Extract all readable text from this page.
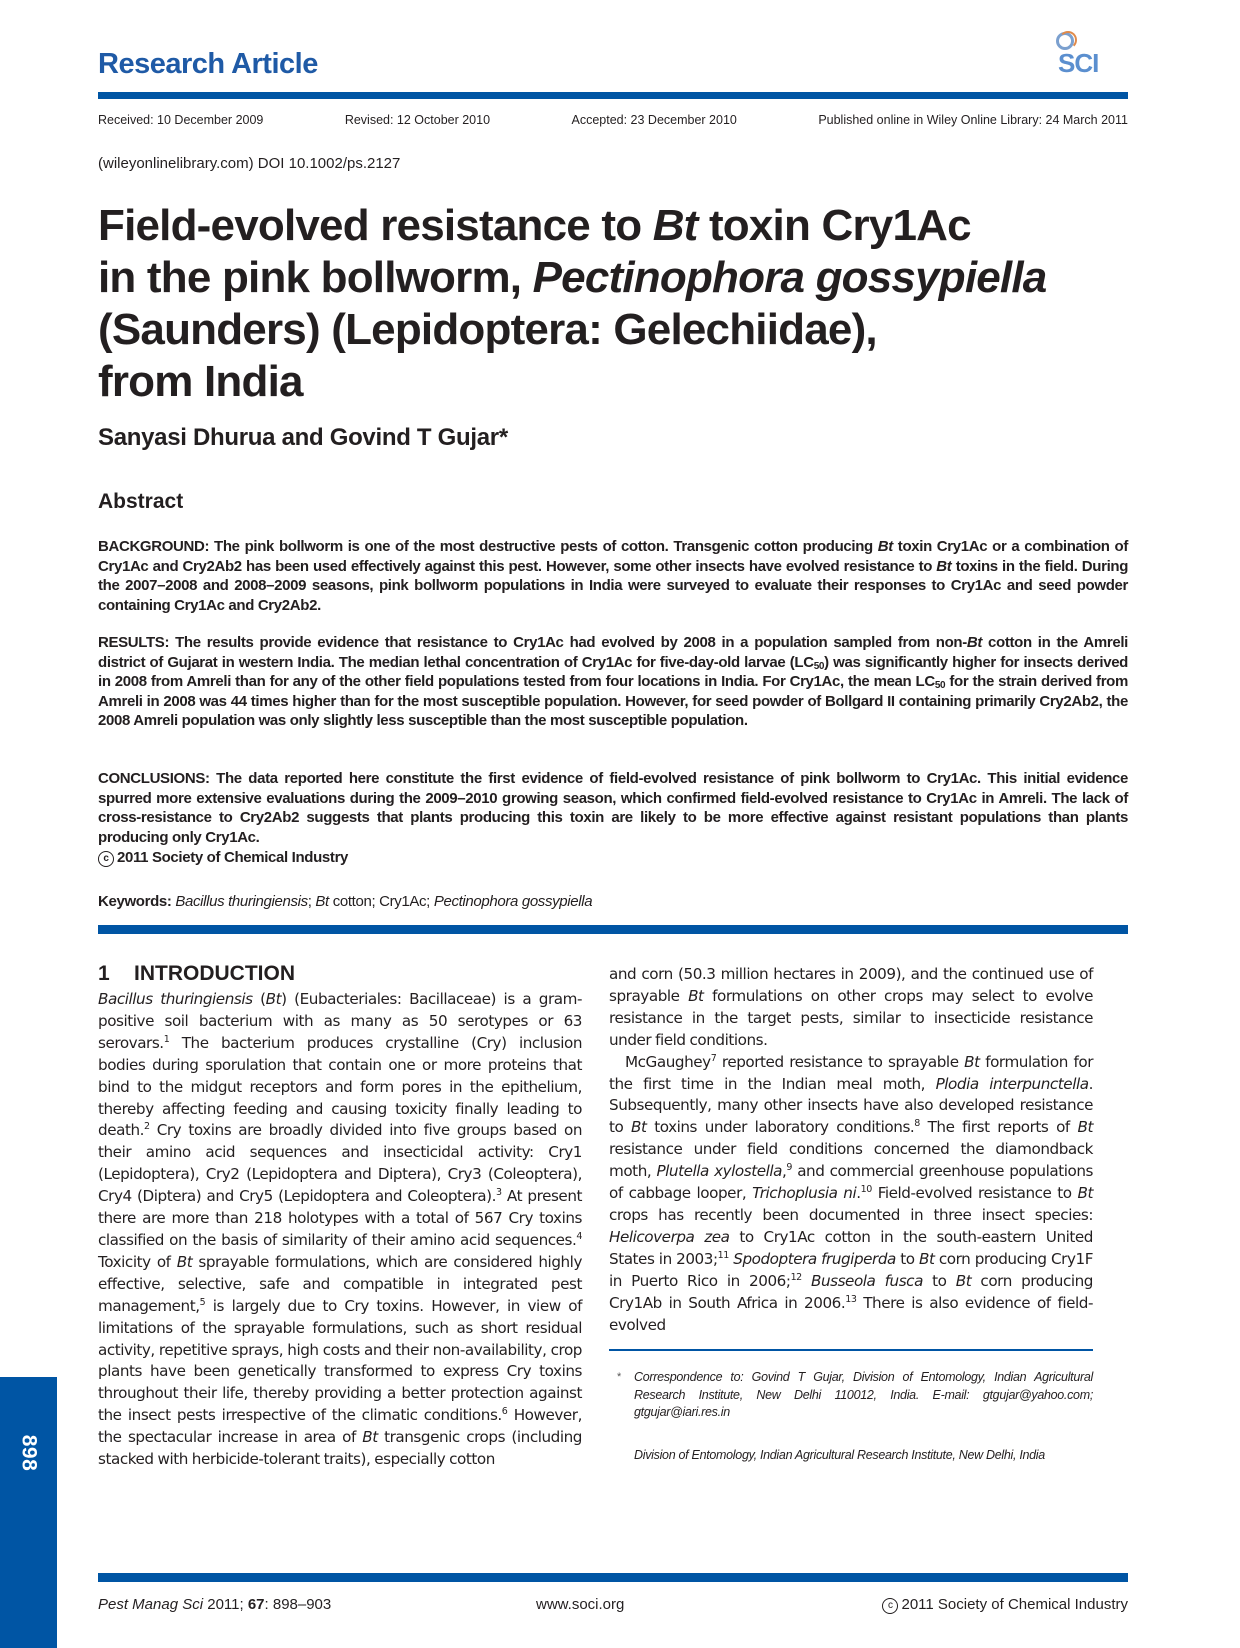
Research Article	SCI
Received: 10 December 2009	Revised: 12 October 2010	Accepted: 23 December 2010	Published online in Wiley Online Library: 24 March 2011
(wileyonlinelibrary.com) DOI 10.1002/ps.2127
Field-evolved resistance to Bt toxin Cry1Ac
in the pink bollworm, Pectinophora gossypiella
(Saunders) (Lepidoptera: Gelechiidae),
from India
Sanyasi Dhurua and Govind T Gujar*
Abstract
BACKGROUND: The pink bollworm is one of the most destructive pests of cotton. Transgenic cotton producing Bt toxin Cry1Ac or a combination of Cry1Ac and Cry2Ab2 has been used effectively against this pest. However, some other insects have evolved resistance to Bt toxins in the field. During the 2007–2008 and 2008–2009 seasons, pink bollworm populations in India were surveyed to evaluate their responses to Cry1Ac and seed powder containing Cry1Ac and Cry2Ab2.
RESULTS: The results provide evidence that resistance to Cry1Ac had evolved by 2008 in a population sampled from non-Bt cotton in the Amreli district of Gujarat in western India. The median lethal concentration of Cry1Ac for five-day-old larvae $(LC_{50})$ was significantly higher for insects derived in 2008 from Amreli than for any of the other field populations tested from four locations in India. For Cry1Ac, the mean $LC_{50}$ for the strain derived from Amreli in 2008 was 44 times higher than for the most susceptible population. However, for seed powder of Bollgard II containing primarily Cry2Ab2, the 2008 Amreli population was only slightly less susceptible than the most susceptible population.
CONCLUSIONS: The data reported here constitute the first evidence of field-evolved resistance of pink bollworm to Cry1Ac. This initial evidence spurred more extensive evaluations during the 2009–2010 growing season, which confirmed field-evolved resistance to Cry1Ac in Amreli. The lack of cross-resistance to Cry2Ab2 suggests that plants producing this toxin are likely to be more effective against resistant populations than plants producing only Cry1Ac.
c 2011 Society of Chemical Industry
Keywords: Bacillus thuringiensis; Bt cotton; Cry1Ac; Pectinophora gossypiella
1 INTRODUCTION

Bacillus thuringiensis (Bt) (Eubacteriales: Bacillaceae) is a gram-positive soil bacterium with as many as 50 serotypes or 63 serovars.$^1$ The bacterium produces crystalline (Cry) inclusion bodies during sporulation that contain one or more proteins that bind to the midgut receptors and form pores in the epithelium, thereby affecting feeding and causing toxicity finally leading to death.$^2$ Cry toxins are broadly divided into five groups based on their amino acid sequences and insecticidal activity: Cry1 (Lepidoptera), Cry2 (Lepidoptera and Diptera), Cry3 (Coleoptera), Cry4 (Diptera) and Cry5 (Lepidoptera and Coleoptera).$^3$ At present there are more than 218 holotypes with a total of 567 Cry toxins classified on the basis of similarity of their amino acid sequences.$^4$ Toxicity of Bt sprayable formulations, which are considered highly effective, selective, safe and compatible in integrated pest management,$^5$ is largely due to Cry toxins. However, in view of limitations of the sprayable formulations, such as short residual activity, repetitive sprays, high costs and their non-availability, crop plants have been genetically transformed to express Cry toxins throughout their life, thereby providing a better protection against the insect pests irrespective of the climatic conditions.$^6$ However, the spectacular increase in area of Bt transgenic crops (including stacked with herbicide-tolerant traits), especially cotton

and corn (50.3 million hectares in 2009), and the continued use of sprayable Bt formulations on other crops may select to evolve resistance in the target pests, similar to insecticide resistance under field conditions.

McGaughey$^7$ reported resistance to sprayable Bt formulation for the first time in the Indian meal moth, Plodia interpunctella. Subsequently, many other insects have also developed resistance to Bt toxins under laboratory conditions.$^8$ The first reports of Bt resistance under field conditions concerned the diamondback moth, Plutella xylostella,$^9$ and commercial greenhouse populations of cabbage looper, Trichoplusia ni.$^{10}$ Field-evolved resistance to Bt crops has recently been documented in three insect species: Helicoverpa zea to Cry1Ac cotton in the south-eastern United States in 2003;$^{11}$ Spodoptera frugiperda to Bt corn producing Cry1F in Puerto Rico in 2006;$^{12}$ Busseola fusca to Bt corn producing Cry1Ab in South Africa in 2006.13 There is also evidence of field-evolved

* Correspondence to: Govind T Gujar, Division of Entomology, Indian Agricultural Research Institute, New Delhi 110012, India. E-mail: gtgujar@yahoo.com; gtgujar@iari.res.in
Division of Entomology, Indian Agricultural Research Institute, New Delhi, India
898
Pest Manag Sci 2011; 67: 898–903	www.soci.org	c 2011 Society of Chemical Industry
